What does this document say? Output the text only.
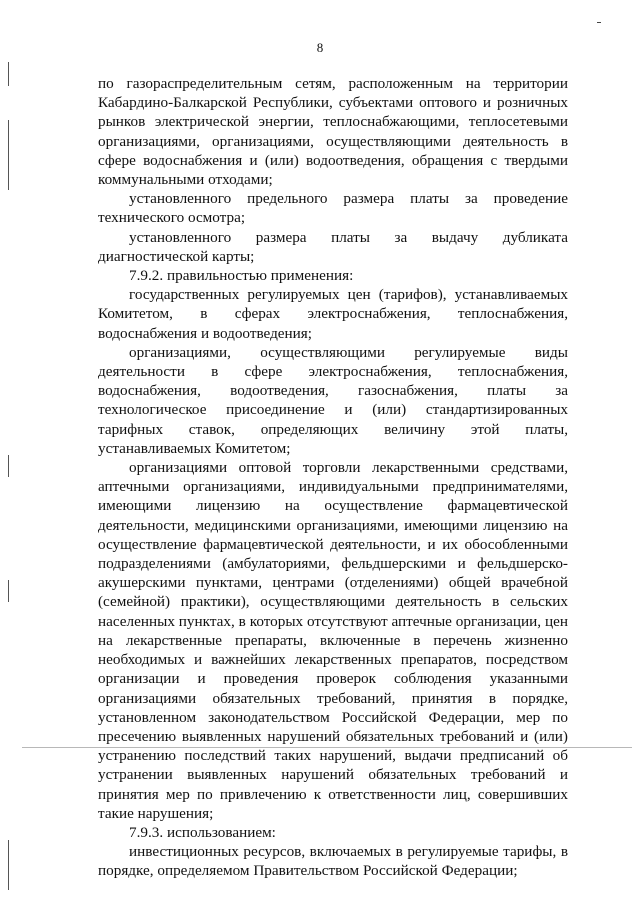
8

по газораспределительным сетям, расположенным на территории Кабардино-Балкарской Республики, субъектами оптового и розничных рынков электрической энергии, теплоснабжающими, теплосетевыми организациями, организациями, осуществляющими деятельность в сфере водоснабжения и (или) водоотведения, обращения с твердыми коммунальными отходами;

установленного предельного размера платы за проведение технического осмотра;

установленного размера платы за выдачу дубликата диагностической карты;

7.9.2. правильностью применения:

государственных регулируемых цен (тарифов), устанавливаемых Комитетом, в сферах электроснабжения, теплоснабжения, водоснабжения и водоотведения;

организациями, осуществляющими регулируемые виды деятельности в сфере электроснабжения, теплоснабжения, водоснабжения, водоотведения, газоснабжения, платы за технологическое присоединение и (или) стандартизированных тарифных ставок, определяющих величину этой платы, устанавливаемых Комитетом;

организациями оптовой торговли лекарственными средствами, аптечными организациями, индивидуальными предпринимателями, имеющими лицензию на осуществление фармацевтической деятельности, медицинскими организациями, имеющими лицензию на осуществление фармацевтической деятельности, и их обособленными подразделениями (амбулаториями, фельдшерскими и фельдшерско-акушерскими пунктами, центрами (отделениями) общей врачебной (семейной) практики), осуществляющими деятельность в сельских населенных пунктах, в которых отсутствуют аптечные организации, цен на лекарственные препараты, включенные в перечень жизненно необходимых и важнейших лекарственных препаратов, посредством организации и проведения проверок соблюдения указанными организациями обязательных требований, принятия в порядке, установленном законодательством Российской Федерации, мер по пресечению выявленных нарушений обязательных требований и (или) устранению последствий таких нарушений, выдачи предписаний об устранении выявленных нарушений обязательных требований и принятия мер по привлечению к ответственности лиц, совершивших такие нарушения;

7.9.3. использованием:

инвестиционных ресурсов, включаемых в регулируемые тарифы, в порядке, определяемом Правительством Российской Федерации;
